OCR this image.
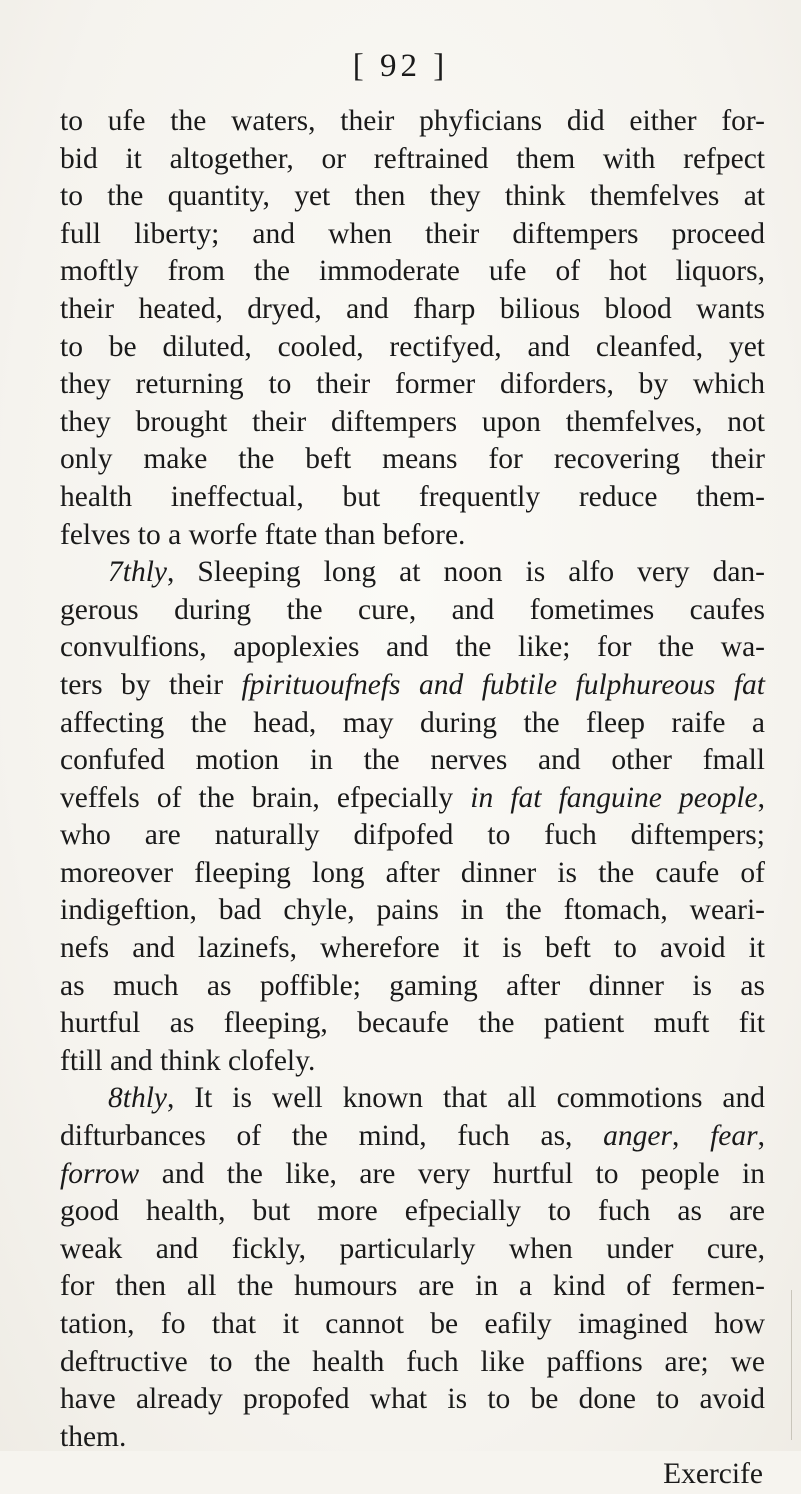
[ 92 ]
to ufe the waters, their phyficians did either for-
bid it altogether, or reftrained them with refpect
to the quantity, yet then they think themfelves at
full liberty; and when their diftempers proceed
moftly from the immoderate ufe of hot liquors,
their heated, dryed, and fharp bilious blood wants
to be diluted, cooled, rectifyed, and cleanfed, yet
they returning to their former diforders, by which
they brought their diftempers upon themfelves, not
only make the beft means for recovering their
health ineffectual, but frequently reduce them-
felves to a worfe ftate than before.
7thly, Sleeping long at noon is alfo very dan-
gerous during the cure, and fometimes caufes
convulfions, apoplexies and the like; for the wa-
ters by their fpirituoufnefs and fubtile fulphureous fat
affecting the head, may during the fleep raife a
confufed motion in the nerves and other fmall
veffels of the brain, efpecially in fat fanguine people,
who are naturally difpofed to fuch diftempers;
moreover fleeping long after dinner is the caufe of
indigeftion, bad chyle, pains in the ftomach, weari-
nefs and lazinefs, wherefore it is beft to avoid it
as much as poffible; gaming after dinner is as
hurtful as fleeping, becaufe the patient muft fit
ftill and think clofely.
8thly, It is well known that all commotions and
difturbances of the mind, fuch as, anger, fear,
forrow and the like, are very hurtful to people in
good health, but more efpecially to fuch as are
weak and fickly, particularly when under cure,
for then all the humours are in a kind of fermen-
tation, fo that it cannot be eafily imagined how
deftructive to the health fuch like paffions are; we
have already propofed what is to be done to avoid
them.
Exercife
